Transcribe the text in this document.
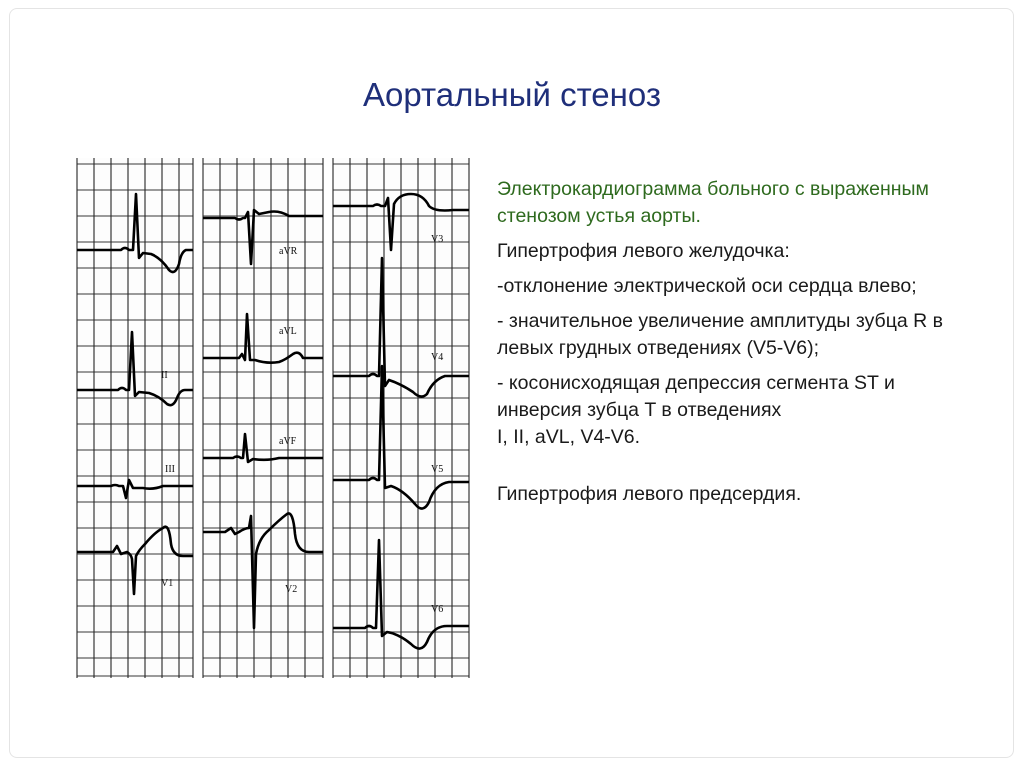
Аортальный стеноз
II
III
V1
aVR
aVL
aVF
V2
V3
V4
V5
V6

Электрокардиограмма больного с выраженным стенозом устья аорты.

Гипертрофия левого желудочка:

-отклонение электрической оси сердца влево;

- значительное увеличение амплитуды зубца R в левых грудных отведениях (V5-V6);

- косонисходящая депрессия сегмента ST и инверсия зубца T в отведениях

I, II, aVL, V4-V6.

Гипертрофия левого предсердия.
